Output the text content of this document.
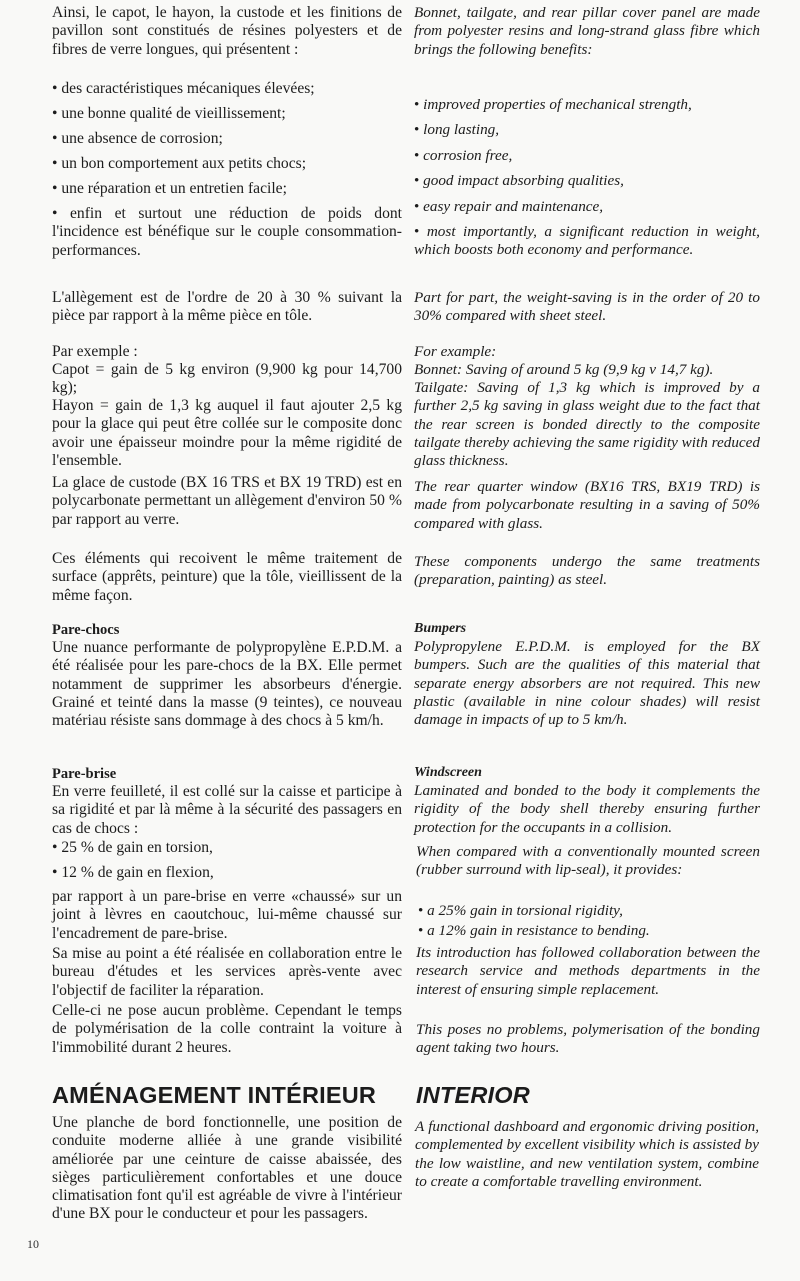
Ainsi, le capot, le hayon, la custode et les finitions de pavillon sont constitués de résines polyesters et de fibres de verre longues, qui présentent :

• des caractéristiques mécaniques élevées;

• une bonne qualité de vieillissement;

• une absence de corrosion;

• un bon comportement aux petits chocs;

• une réparation et un entretien facile;

• enfin et surtout une réduction de poids dont l'incidence est bénéfique sur le couple consommation-performances.

L'allègement est de l'ordre de 20 à 30 % suivant la pièce par rapport à la même pièce en tôle.

Par exemple :

Capot = gain de 5 kg environ (9,900 kg pour 14,700 kg);

Hayon = gain de 1,3 kg auquel il faut ajouter 2,5 kg pour la glace qui peut être collée sur le composite donc avoir une épaisseur moindre pour la même rigidité de l'ensemble.

La glace de custode (BX 16 TRS et BX 19 TRD) est en polycarbonate permettant un allègement d'environ 50 % par rapport au verre.

Ces éléments qui recoivent le même traitement de surface (apprêts, peinture) que la tôle, vieillissent de la même façon.

Pare-chocs

Une nuance performante de polypropylène E.P.D.M. a été réalisée pour les pare-chocs de la BX. Elle permet notamment de supprimer les absorbeurs d'énergie. Grainé et teinté dans la masse (9 teintes), ce nouveau matériau résiste sans dommage à des chocs à 5 km/h.

Pare-brise

En verre feuilleté, il est collé sur la caisse et participe à sa rigidité et par là même à la sécurité des passagers en cas de chocs :

• 25 % de gain en torsion,

• 12 % de gain en flexion,

par rapport à un pare-brise en verre «chaussé» sur un joint à lèvres en caoutchouc, lui-même chaussé sur l'encadrement de pare-brise.

Sa mise au point a été réalisée en collaboration entre le bureau d'études et les services après-vente avec l'objectif de faciliter la réparation.

Celle-ci ne pose aucun problème. Cependant le temps de polymérisation de la colle contraint la voiture à l'immobilité durant 2 heures.

AMÉNAGEMENT INTÉRIEUR

Une planche de bord fonctionnelle, une position de conduite moderne alliée à une grande visibilité améliorée par une ceinture de caisse abaissée, des sièges particulièrement confortables et une douce climatisation font qu'il est agréable de vivre à l'intérieur d'une BX pour le conducteur et pour les passagers.

Bonnet, tailgate, and rear pillar cover panel are made from polyester resins and long-strand glass fibre which brings the following benefits:

• improved properties of mechanical strength,

• long lasting,

• corrosion free,

• good impact absorbing qualities,

• easy repair and maintenance,

• most importantly, a significant reduction in weight, which boosts both economy and performance.

Part for part, the weight-saving is in the order of 20 to 30% compared with sheet steel.

For example:

Bonnet: Saving of around 5 kg (9,9 kg v 14,7 kg).

Tailgate: Saving of 1,3 kg which is improved by a further 2,5 kg saving in glass weight due to the fact that the rear screen is bonded directly to the composite tailgate thereby achieving the same rigidity with reduced glass thickness.

The rear quarter window (BX16 TRS, BX19 TRD) is made from polycarbonate resulting in a saving of 50% compared with glass.

These components undergo the same treatments (preparation, painting) as steel.

Bumpers

Polypropylene E.P.D.M. is employed for the BX bumpers. Such are the qualities of this material that separate energy absorbers are not required. This new plastic (available in nine colour shades) will resist damage in impacts of up to 5 km/h.

Windscreen

Laminated and bonded to the body it complements the rigidity of the body shell thereby ensuring further protection for the occupants in a collision.

When compared with a conventionally mounted screen (rubber surround with lip-seal), it provides:

• a 25% gain in torsional rigidity,

• a 12% gain in resistance to bending.

Its introduction has followed collaboration between the research service and methods departments in the interest of ensuring simple replacement.

This poses no problems, polymerisation of the bonding agent taking two hours.

INTERIOR

A functional dashboard and ergonomic driving position, complemented by excellent visibility which is assisted by the low waistline, and new ventilation system, combine to create a comfortable travelling environment.

10
